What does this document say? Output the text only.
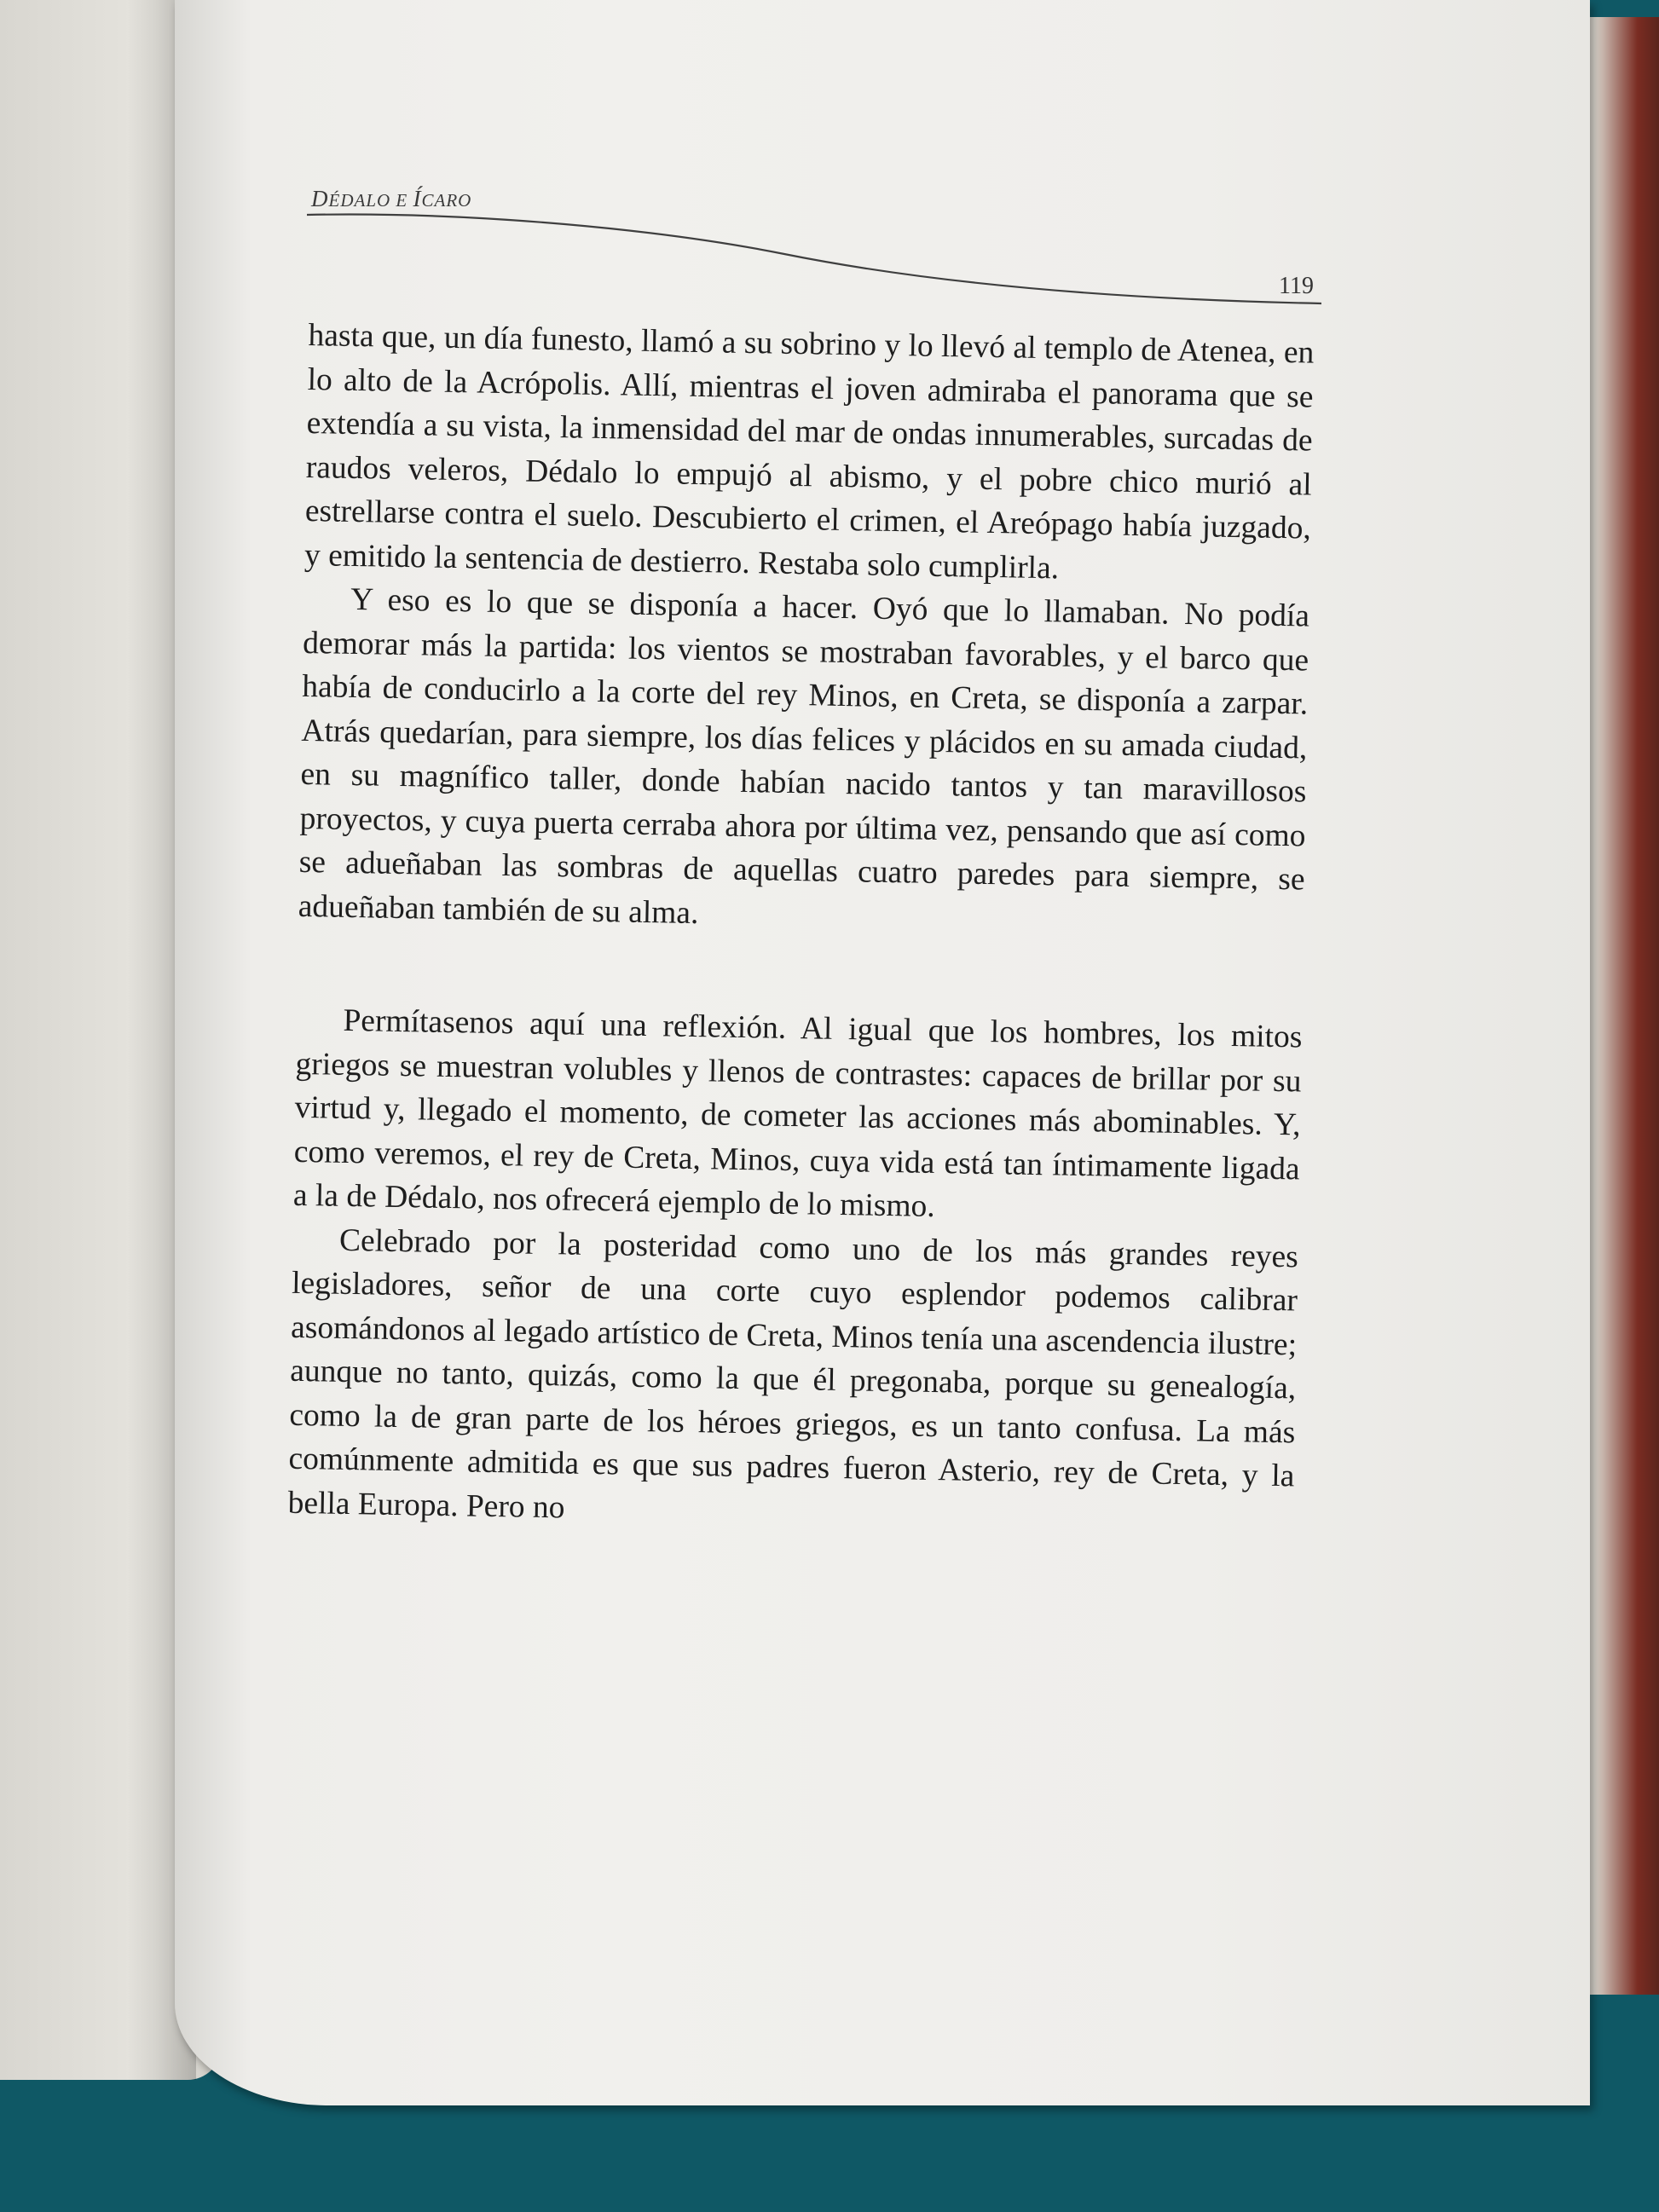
DÉDALO E ÍCARO
119

hasta que, un día funesto, llamó a su sobrino y lo llevó al templo de Atenea, en lo alto de la Acrópolis. Allí, mientras el joven admiraba el panorama que se extendía a su vista, la inmensidad del mar de ondas innumerables, surcadas de raudos veleros, Dédalo lo empujó al abismo, y el pobre chico murió al estrellarse contra el suelo. Descubierto el crimen, el Areópago había juzgado, y emitido la sentencia de destierro. Restaba solo cumplirla.

Y eso es lo que se disponía a hacer. Oyó que lo llamaban. No podía demorar más la partida: los vientos se mostraban favorables, y el barco que había de conducirlo a la corte del rey Minos, en Creta, se disponía a zarpar. Atrás quedarían, para siempre, los días felices y plácidos en su amada ciudad, en su magnífico taller, donde habían nacido tantos y tan maravillosos proyectos, y cuya puerta cerraba ahora por última vez, pensando que así como se adueñaban las sombras de aquellas cuatro paredes para siempre, se adueñaban también de su alma.

Permítasenos aquí una reflexión. Al igual que los hombres, los mitos griegos se muestran volubles y llenos de contrastes: capaces de brillar por su virtud y, llegado el momento, de cometer las acciones más abominables. Y, como veremos, el rey de Creta, Minos, cuya vida está tan íntimamente ligada a la de Dédalo, nos ofrecerá ejemplo de lo mismo.

Celebrado por la posteridad como uno de los más grandes reyes legisladores, señor de una corte cuyo esplendor podemos calibrar asomándonos al legado artístico de Creta, Minos tenía una ascendencia ilustre; aunque no tanto, quizás, como la que él pregonaba, porque su genealogía, como la de gran parte de los héroes griegos, es un tanto confusa. La más comúnmente admitida es que sus padres fueron Asterio, rey de Creta, y la bella Europa. Pero no
